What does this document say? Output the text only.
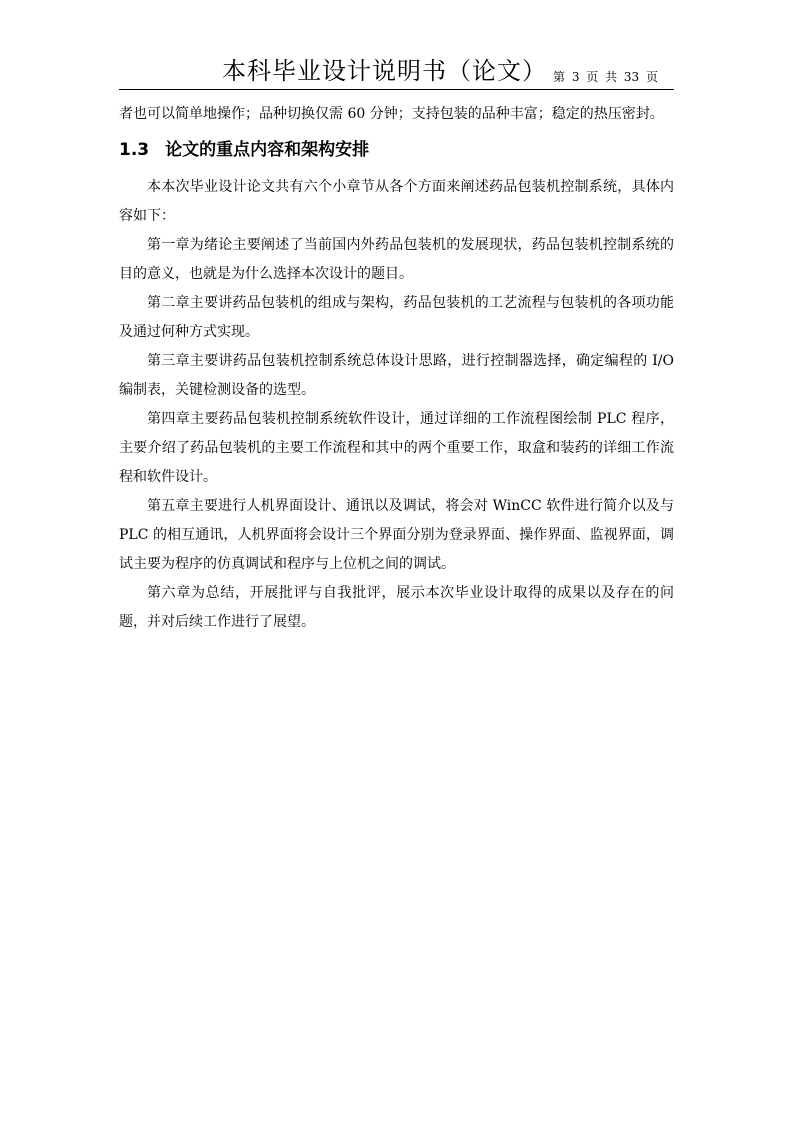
本科毕业设计说明书（论文） 第 3 页 共 33 页

者也可以简单地操作；品种切换仅需 60 分钟；支持包装的品种丰富；稳定的热压密封。

1.3 论文的重点内容和架构安排

本本次毕业设计论文共有六个小章节从各个方面来阐述药品包装机控制系统，具体内容如下：

第一章为绪论主要阐述了当前国内外药品包装机的发展现状，药品包装机控制系统的目的意义，也就是为什么选择本次设计的题目。

第二章主要讲药品包装机的组成与架构，药品包装机的工艺流程与包装机的各项功能及通过何种方式实现。

第三章主要讲药品包装机控制系统总体设计思路，进行控制器选择，确定编程的 I/O 编制表，关键检测设备的选型。

第四章主要药品包装机控制系统软件设计，通过详细的工作流程图绘制 PLC 程序，主要介绍了药品包装机的主要工作流程和其中的两个重要工作，取盒和装药的详细工作流程和软件设计。

第五章主要进行人机界面设计、通讯以及调试，将会对 WinCC 软件进行简介以及与 PLC 的相互通讯，人机界面将会设计三个界面分别为登录界面、操作界面、监视界面，调试主要为程序的仿真调试和程序与上位机之间的调试。

第六章为总结，开展批评与自我批评，展示本次毕业设计取得的成果以及存在的问题，并对后续工作进行了展望。
